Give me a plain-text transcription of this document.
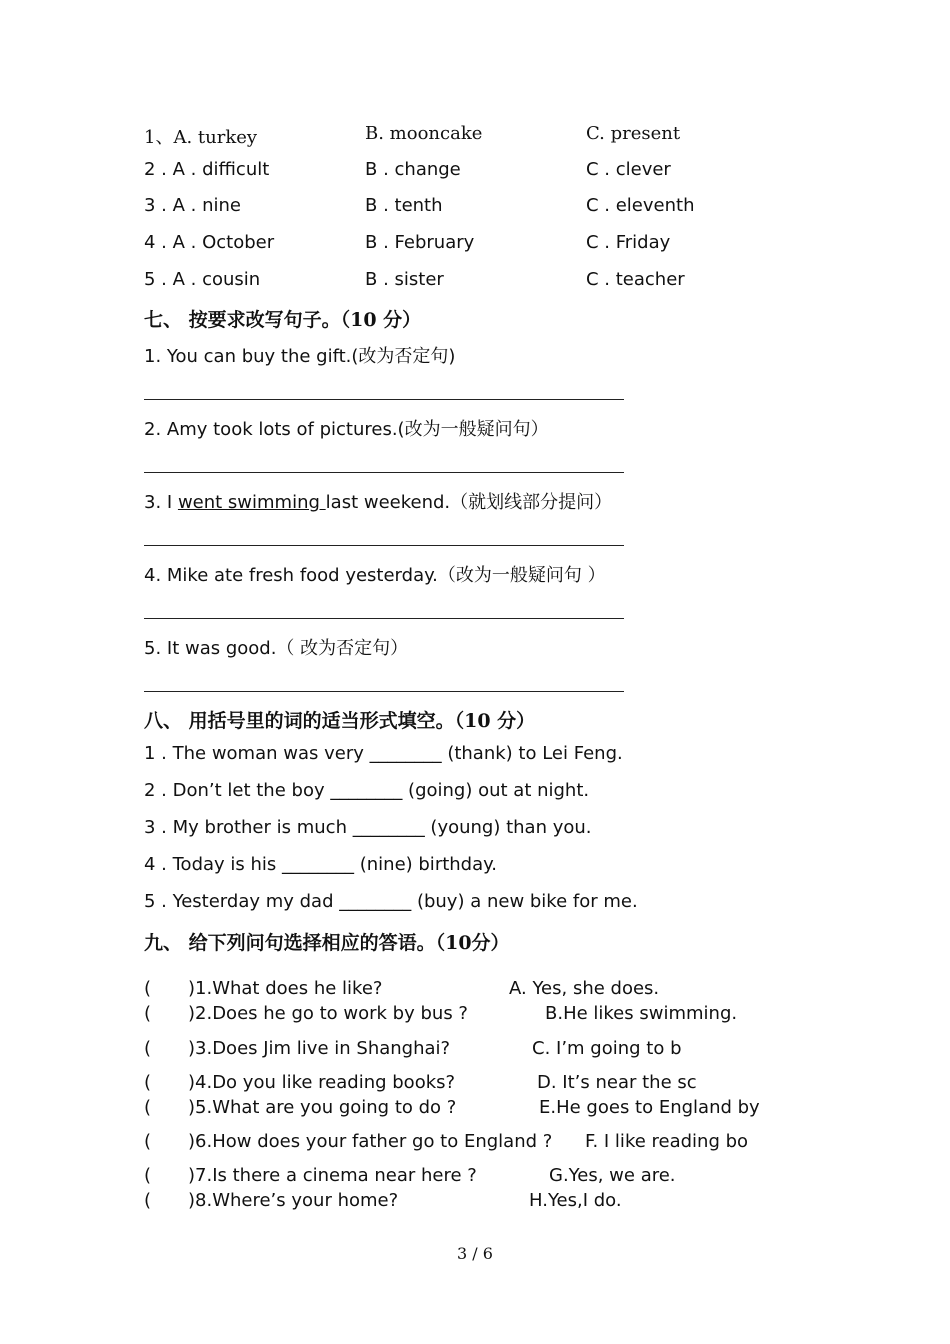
1、A. turkey	B. mooncake	C. present
2 . A . difficult	B . change	C . clever
3 . A . nine	B . tenth	C . eleventh
4 . A . October	B . February	C . Friday
5 . A . cousin	B . sister	C . teacher
七、 按要求改写句子。（10 分）
1. You can buy the gift.(改为否定句)
2. Amy took lots of pictures.(改为一般疑问句）
3. I went swimming last weekend.（就划线部分提问）
4. Mike ate fresh food yesterday.（改为一般疑问句 ）
5. It was good.（ 改为否定句）
八、 用括号里的词的适当形式填空。（10 分）
1 . The woman was very ________ (thank) to Lei Feng.
2 . Don’t let the boy ________ (going) out at night.
3 . My brother is much ________ (young) than you.
4 . Today is his ________ (nine) birthday.
5 . Yesterday my dad ________ (buy) a new bike for me.
九、 给下列问句选择相应的答语。（10分）
( )1.What does he like?	A. Yes, she does.
( )2.Does he go to work by bus ?	B.He likes swimming.
( )3.Does Jim live in Shanghai?	C. I’m going to b
( )4.Do you like reading books?	D. It’s near the sc
( )5.What are you going to do ?	E.He goes to England by
( )6.How does your father go to England ? F. I like reading bo
( )7.Is there a cinema near here ?	G.Yes, we are.
( )8.Where’s your home?	H.Yes,I do.
3 / 6
